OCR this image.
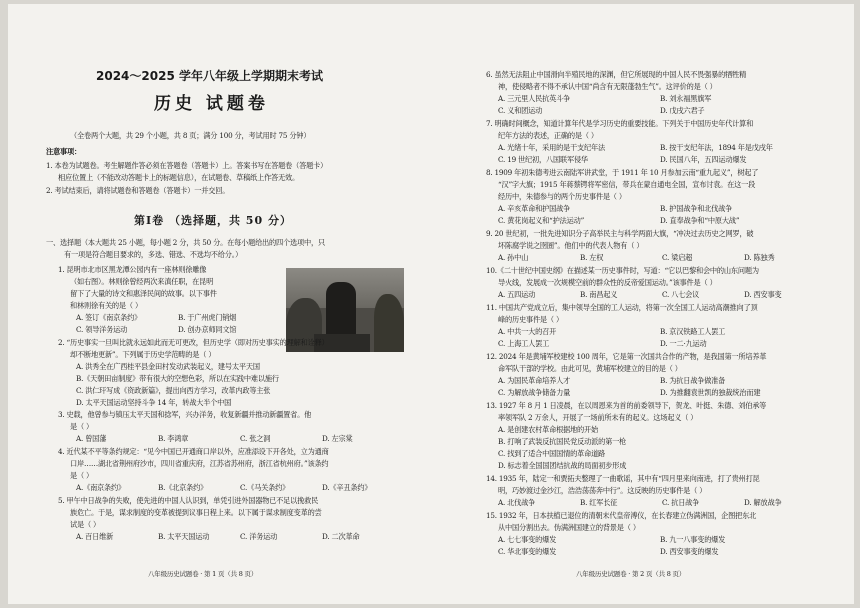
2024～2025 学年八年级上学期期末考试
历史 试题卷
（全卷两个大题，共 29 个小题，共 8 页；满分 100 分，考试用时 75 分钟）
注意事项：
1. 本卷为试题卷。考生解题作答必须在答题卷（答题卡）上。答案书写在答题卷（答题卡）
相应位置上（不能改动答题卡上的标题信息），在试题卷、草稿纸上作答无效。
2. 考试结束后，请将试题卷和答题卷（答题卡）一并交回。
第Ⅰ卷 （选择题，共 50 分）
一、选择题（本大题共 25 小题，每小题 2 分，共 50 分。在每小题给出的四个选项中，只
有一项是符合题目要求的，多选、错选、不选均不给分。）
1. 昆明市北市区黑龙潭公园内有一座林则徐雕像
（如右图）。林则徐曾经两次来滇任职，在昆明
留下了大量的诗文和惠泽民间的故事。以下事件
和林则徐有关的是（ ）
A. 签订《南京条约》	B. 于广州虎门销烟
C. 领导洋务运动	D. 创办京师同文馆
2. “历史事实一旦叫比就永远如此而无可更改，但历史学（即对历史事实的理解和诠释）
却不断地更新”。下列属于历史学范畴的是（ ）
A. 洪秀全在广西桂平县金田村发动武装起义，建号太平天国
B.《天朝田亩制度》带有很大的空想色彩，所以在实践中难以施行
C. 洪仁玕写成《资政新篇》，提出向西方学习，改革内政等主张
D. 太平天国运动坚持斗争 14 年，转战大半个中国
3. 史载，他曾参与镇压太平天国和捻军，兴办洋务，收复新疆并推动新疆置省。他
是（ ）
A. 曾国藩	B. 李鸿章	C. 张之洞	D. 左宗棠
4. 近代某不平等条约规定：“见今中国已开通商口岸以外，应准添设下开各处，立为通商
口岸……湖北省荆州府沙市，四川省重庆府，江苏省苏州府，浙江省杭州府。”该条约
是（ ）
A.《南京条约》	B.《北京条约》	C.《马关条约》	D.《辛丑条约》
5. 甲午中日战争的失败，使先进的中国人认识到，单凭引进外国器物已不足以挽救民
族危亡。于是，谋求制度的变革被提到议事日程上来。以下属于谋求制度变革的尝
试是（ ）
A. 百日维新	B. 太平天国运动	C. 洋务运动	D. 二次革命
八年级历史试题卷 · 第 1 页（共 8 页）
6. 虽然无法阻止中国滑向半殖民地的深渊，但它所展现的中国人民不畏强暴的牺牲精
神，使侵略者不得不承认中国“尚含有无限蓬勃生气”。这评价的是（ ）
A. 三元里人民抗英斗争	B. 刘永福黑旗军
C. 义和团运动	D. 戊戌六君子
7. 明确时间概念，知道计算年代是学习历史的重要技能。下列关于中国历史年代计算和
纪年方法的表述，正确的是（ ）
A. 光绪十年，采用的是干支纪年法	B. 按干支纪年法，1894 年是戊戌年
C. 19 世纪初，八国联军侵华	D. 民国八年，五四运动爆发
8. 1909 年初朱德考进云南陆军讲武堂，于 1911 年 10 月参加云南“重九起义”，树起了
“汉”字大旗；1915 年蒋蔡锷将军密信，带兵在蒙自通电全国，宣布讨袁。在这一段
经历中，朱德参与的两个历史事件是（ ）
A. 辛亥革命和护国战争	B. 护国战争和北伐战争
C. 黄花岗起义和“护法运动”	D. 直奉战争和“中原大战”
9. 20 世纪初，一批先进知识分子高举民主与科学两面大旗，“冲决过去历史之网罗，破
坏陈腐学说之囹圄”。他们中的代表人物有（ ）
A. 孙中山	B. 左权	C. 梁启超	D. 陈独秀
10.《二十世纪中国史纲》在描述某一历史事件时，写道：“它以巴黎和会中的山东问题为
导火线，发展成一次规模空前的群众性的反帝爱国运动。”该事件是（ ）
A. 五四运动	B. 南昌起义	C. 八七会议	D. 西安事变
11. 中国共产党成立后，集中领导全国的工人运动，将第一次全国工人运动高潮推向了顶
峰的历史事件是（ ）
A. 中共一大的召开	B. 京汉铁路工人罢工
C. 上海工人罢工	D. 一二·九运动
12. 2024 年是黄埔军校建校 100 周年，它是第一次国共合作的产物，是我国第一所培养革
命军队干部的学校。由此可见，黄埔军校建立的目的是（ ）
A. 为国民革命培养人才	B. 为抗日战争做准备
C. 为解放战争储备力量	D. 为推翻袁世凯的独裁统治而建
13. 1927 年 8 月 1 日凌晨，在以周恩来为首的前委领导下，贺龙、叶挺、朱德、刘伯承等
率领军队 2 万余人，开展了一场前所未有的起义。这场起义（ ）
A. 是创建农村革命根据地的开始
B. 打响了武装反抗国民党反动派的第一枪
C. 找到了适合中国国情的革命道路
D. 标志着全国国团结抗战的局面初步形成
14. 1935 年，陆定一和贾拓夫整理了一曲歌谣，其中有“四月里来向南进，打了贵州打昆
明，巧妙渡过金沙江，浩浩荡荡奔中行”。这反映的历史事件是（ ）
A. 北伐战争	B. 红军长征	C. 抗日战争	D. 解放战争
15. 1932 年，日本扶植已退位的清朝末代皇帝溥仪，在长春建立伪满洲国，企图把东北
从中国分割出去。伪满洲国建立的背景是（ ）
A. 七七事变的爆发	B. 九一八事变的爆发
C. 华北事变的爆发	D. 西安事变的爆发
八年级历史试题卷 · 第 2 页（共 8 页）
